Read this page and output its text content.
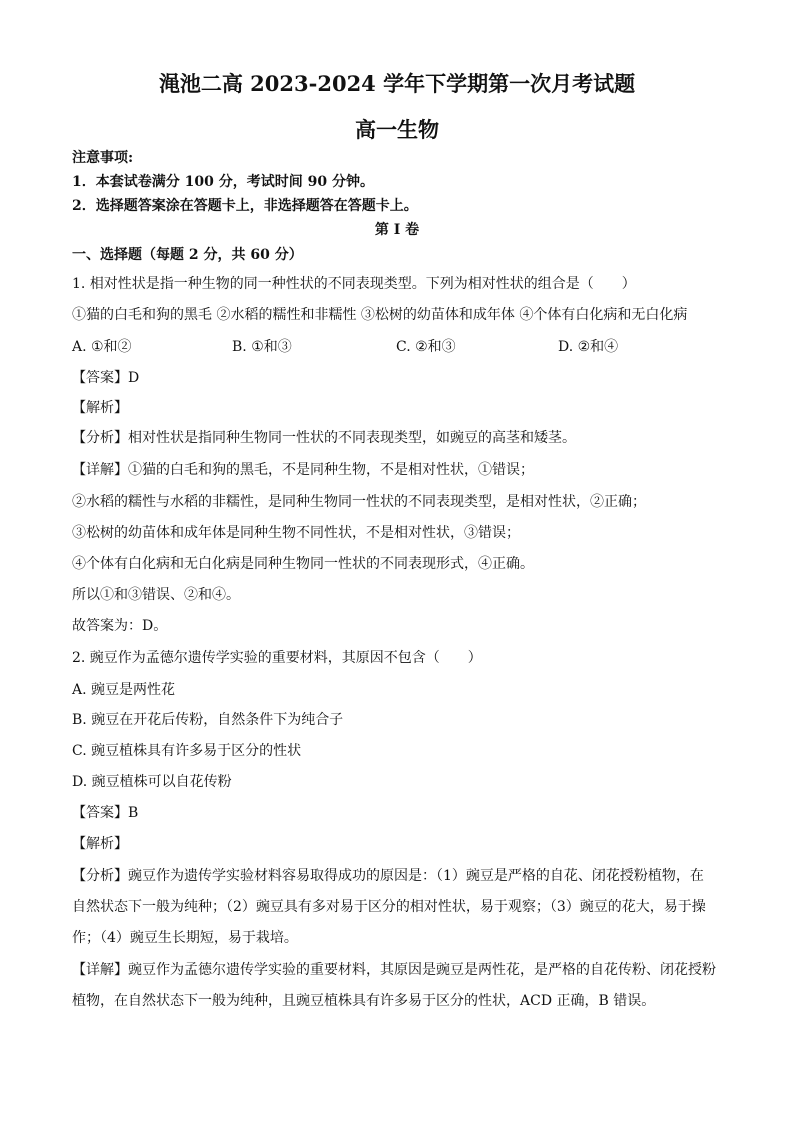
渑池二高 2023-2024 学年下学期第一次月考试题
高一生物
注意事项:
1．本套试卷满分 100 分，考试时间 90 分钟。
2．选择题答案涂在答题卡上，非选择题答在答题卡上。
第 I 卷
一、选择题（每题 2 分，共 60 分）
1. 相对性状是指一种生物的同一种性状的不同表现类型。下列为相对性状的组合是（　　）
①猫的白毛和狗的黑毛 ②水稻的糯性和非糯性 ③松树的幼苗体和成年体 ④个体有白化病和无白化病
A. ①和②	B. ①和③	C. ②和③	D. ②和④
【答案】D
【解析】
【分析】相对性状是指同种生物同一性状的不同表现类型，如豌豆的高茎和矮茎。
【详解】①猫的白毛和狗的黑毛，不是同种生物，不是相对性状，①错误；
②水稻的糯性与水稻的非糯性，是同种生物同一性状的不同表现类型，是相对性状，②正确；
③松树的幼苗体和成年体是同种生物不同性状，不是相对性状，③错误；
④个体有白化病和无白化病是同种生物同一性状的不同表现形式，④正确。
所以①和③错误、②和④。
故答案为：D。
2. 豌豆作为孟德尔遗传学实验的重要材料，其原因不包含（　　）
A. 豌豆是两性花
B. 豌豆在开花后传粉，自然条件下为纯合子
C. 豌豆植株具有许多易于区分的性状
D. 豌豆植株可以自花传粉
【答案】B
【解析】
【分析】豌豆作为遗传学实验材料容易取得成功的原因是：（1）豌豆是严格的自花、闭花授粉植物，在
自然状态下一般为纯种；（2）豌豆具有多对易于区分的相对性状，易于观察；（3）豌豆的花大，易于操
作；（4）豌豆生长期短，易于栽培。
【详解】豌豆作为孟德尔遗传学实验的重要材料，其原因是豌豆是两性花，是严格的自花传粉、闭花授粉
植物，在自然状态下一般为纯种，且豌豆植株具有许多易于区分的性状，ACD 正确，B 错误。
